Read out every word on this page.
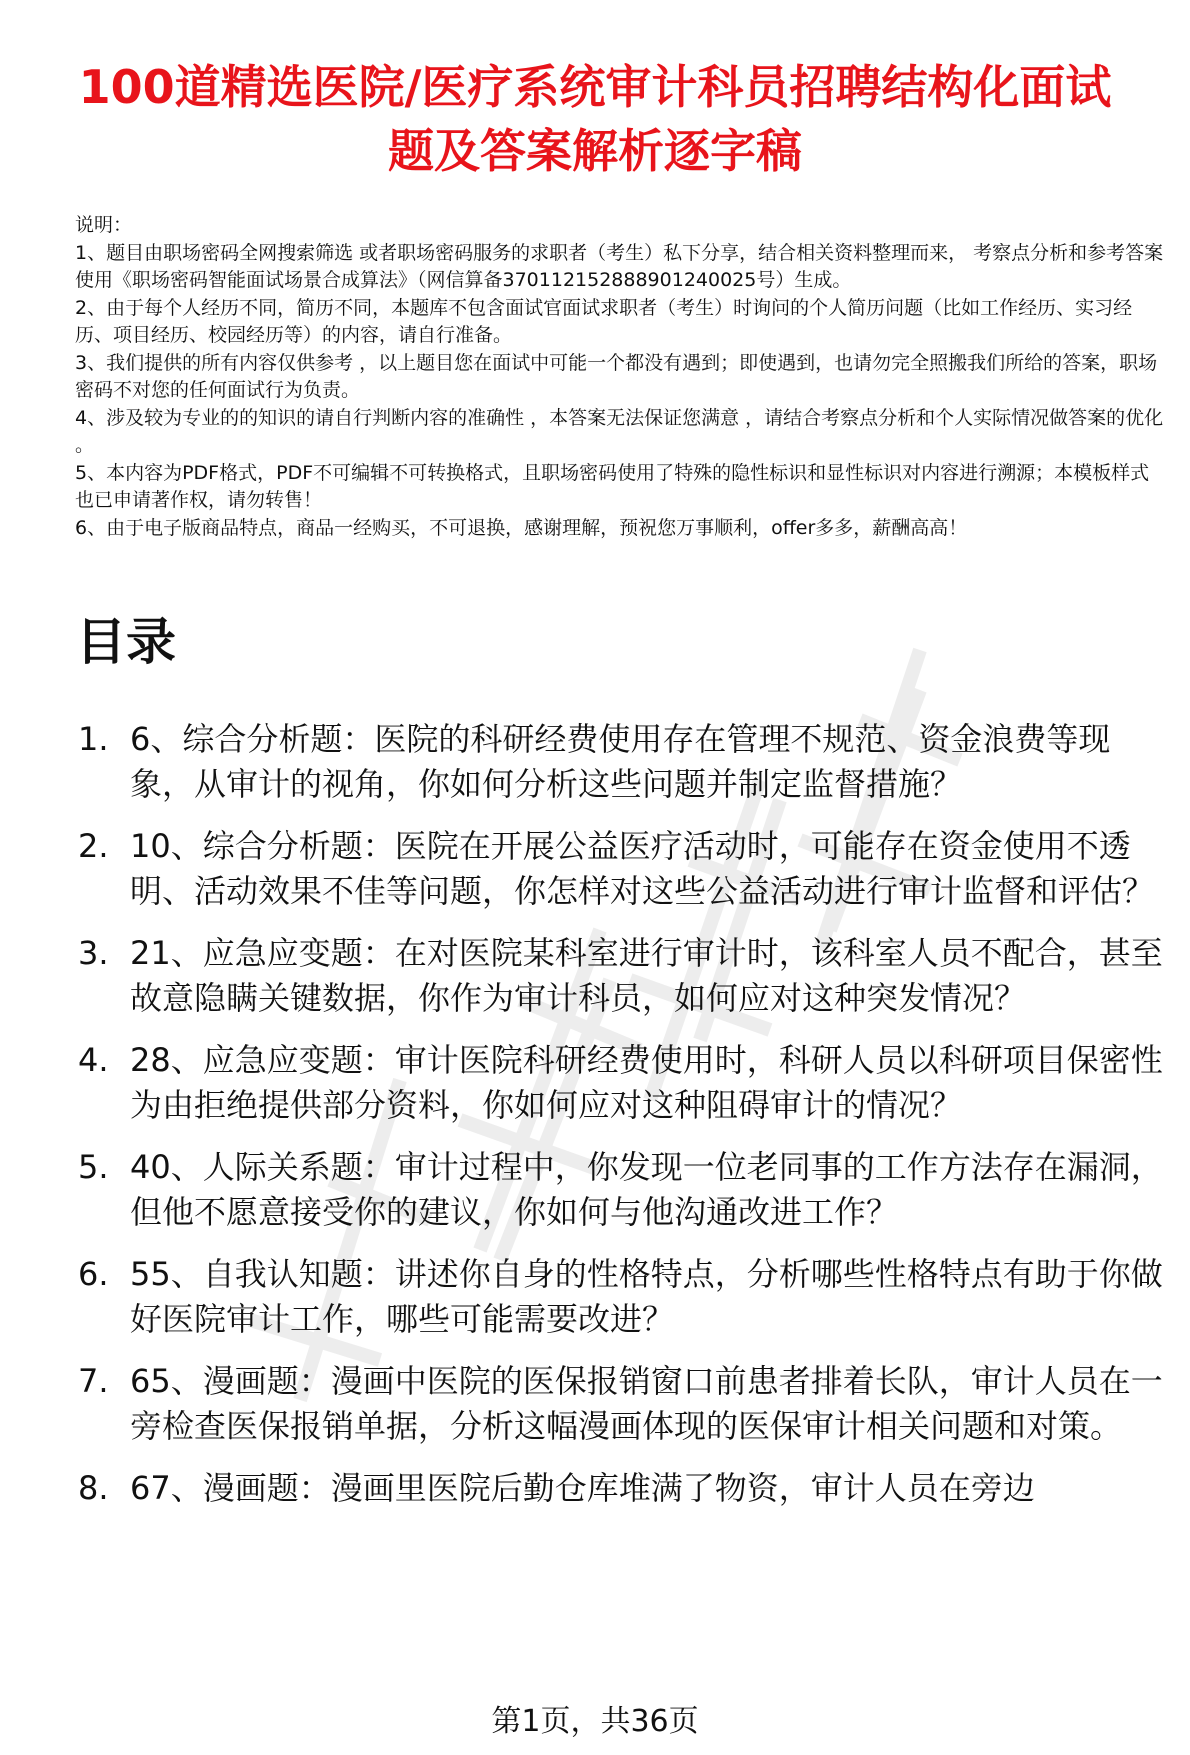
100道精选医院/医疗系统审计科员招聘结构化面试题及答案解析逐字稿

说明：

1、题目由职场密码全网搜索筛选 或者职场密码服务的求职者（考生）私下分享，结合相关资料整理而来， 考察点分析和参考答案使用《职场密码智能面试场景合成算法》（网信算备370112152888901240025号）生成。

2、由于每个人经历不同，简历不同，本题库不包含面试官面试求职者（考生）时询问的个人简历问题（比如工作经历、实习经历、项目经历、校园经历等）的内容，请自行准备。

3、我们提供的所有内容仅供参考 ，以上题目您在面试中可能一个都没有遇到；即使遇到，也请勿完全照搬我们所给的答案，职场密码不对您的任何面试行为负责。

4、涉及较为专业的的知识的请自行判断内容的准确性 ，本答案无法保证您满意 ，请结合考察点分析和个人实际情况做答案的优化 。

5、本内容为PDF格式，PDF不可编辑不可转换格式，且职场密码使用了特殊的隐性标识和显性标识对内容进行溯源；本模板样式也已申请著作权，请勿转售！

6、由于电子版商品特点，商品一经购买，不可退换，感谢理解，预祝您万事顺利，offer多多，薪酬高高！

目录
1. 6、综合分析题：医院的科研经费使用存在管理不规范、资金浪费等现象，从审计的视角，你如何分析这些问题并制定监督措施？
2. 10、综合分析题：医院在开展公益医疗活动时，可能存在资金使用不透明、活动效果不佳等问题，你怎样对这些公益活动进行审计监督和评估？
3. 21、应急应变题：在对医院某科室进行审计时，该科室人员不配合，甚至故意隐瞒关键数据，你作为审计科员，如何应对这种突发情况？
4. 28、应急应变题：审计医院科研经费使用时，科研人员以科研项目保密性为由拒绝提供部分资料，你如何应对这种阻碍审计的情况？
5. 40、人际关系题：审计过程中，你发现一位老同事的工作方法存在漏洞，但他不愿意接受你的建议，你如何与他沟通改进工作？
6. 55、自我认知题：讲述你自身的性格特点，分析哪些性格特点有助于你做好医院审计工作，哪些可能需要改进？
7. 65、漫画题：漫画中医院的医保报销窗口前患者排着长队，审计人员在一旁检查医保报销单据，分析这幅漫画体现的医保审计相关问题和对策。
8. 67、漫画题：漫画里医院后勤仓库堆满了物资，审计人员在旁边
第1页，共36页
